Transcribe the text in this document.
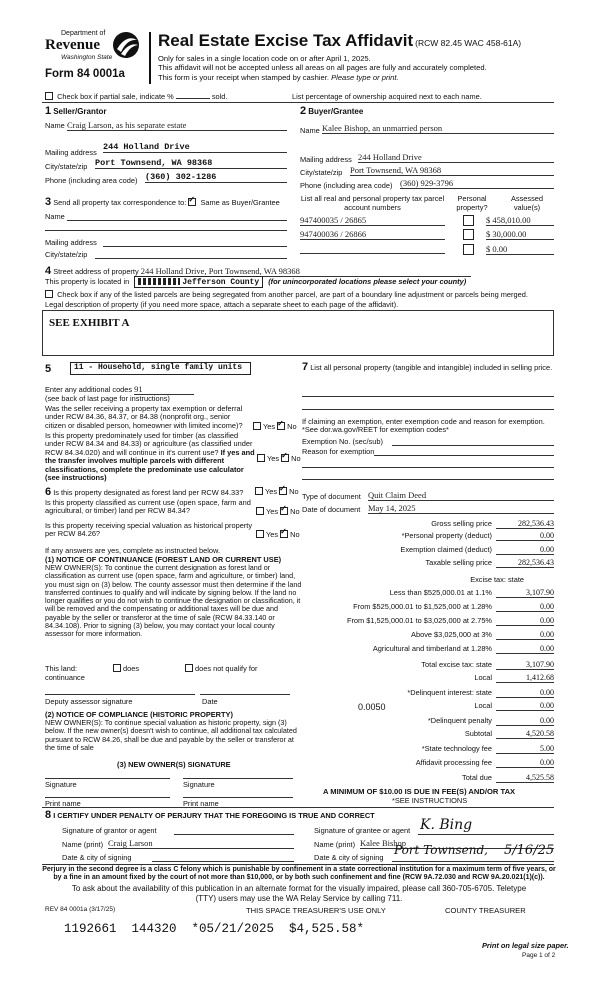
Department of
Revenue
Washington State
Form 84 0001a
Real Estate Excise Tax Affidavit (RCW 82.45 WAC 458-61A)
Only for sales in a single location code on or after April 1, 2025.
This affidavit will not be accepted unless all areas on all pages are fully and accurately completed.
This form is your receipt when stamped by cashier. Please type or print.
Check box if partial sale, indicate %	sold.	List percentage of ownership acquired next to each name.
1 Seller/Grantor
Name Craig Larson, as his separate estate
Mailing address
244 Holland Drive
City/state/zip Port Townsend, WA 98368
Phone (including area code) (360) 302-1286
2 Buyer/Grantee
Name Kalee Bishop, an unmarried person
Mailing address 244 Holland Drive
City/state/zip Port Townsend, WA 98368
Phone (including area code) (360) 929-3796
3 Send all property tax correspondence to: ✓ Same as Buyer/Grantee
Name
Mailing address
City/state/zip
List all real and personal property tax parcel account numbers
Personal property?
Assessed value(s)
947400035 / 26865	$ 458,010.00
947400036 / 26866	$ 30,000.00
$ 0.00
4 Street address of property 244 Holland Drive, Port Townsend, WA 98368
This property is located in	Jefferson County (for unincorporated locations please select your county)
Check box if any of the listed parcels are being segregated from another parcel, are part of a boundary line adjustment or parcels being merged.
Legal description of property (if you need more space, attach a separate sheet to each page of the affidavit).
SEE EXHIBIT A
5	11 - Household, single family units
Enter any additional codes 91
(see back of last page for instructions)
Was the seller receiving a property tax exemption or deferral under RCW 84.36, 84.37, or 84.38 (nonprofit org., senior citizen or disabled person, homeowner with limited income)?	Yes ✓ No
Is this property predominately used for timber (as classified under RCW 84.34 and 84.33) or agriculture (as classified under RCW 84.34.020) and will continue in it's current use? If yes and the transfer involves multiple parcels with different classifications, complete the predominate use calculator (see instructions)
Yes ✓ No
6 Is this property designated as forest land per RCW 84.33?	Yes ✓ No
Is this property classified as current use (open space, farm and agricultural, or timber) land per RCW 84.34?	Yes ✓ No
Is this property receiving special valuation as historical property per RCW 84.26?	Yes ✓ No
If any answers are yes, complete as instructed below.
(1) NOTICE OF CONTINUANCE (FOREST LAND OR CURRENT USE)
NEW OWNER(S): To continue the current designation as forest land or classification as current use (open space, farm and agriculture, or timber) land, you must sign on (3) below. The county assessor must then determine if the land transferred continues to qualify and will indicate by signing below. If the land no longer qualifies or you do not wish to continue the designation or classification, it will be removed and the compensating or additional taxes will be due and payable by the seller or transferor at the time of sale (RCW 84.33.140 or 84.34.108). Prior to signing (3) below, you may contact your local county assessor for more information.
This land:	does	does not qualify for
continuance
Deputy assessor signature	Date
(2) NOTICE OF COMPLIANCE (HISTORIC PROPERTY)
NEW OWNER(S): To continue special valuation as historic property, sign (3) below. If the new owner(s) doesn't wish to continue, all additional tax calculated pursuant to RCW 84.26, shall be due and payable by the seller or transferor at the time of sale
(3) NEW OWNER(S) SIGNATURE
Signature	Signature
Print name	Print name
7 List all personal property (tangible and intangible) included in selling price.
If claiming an exemption, enter exemption code and reason for exemption. *See dor.wa.gov/REET for exemption codes*
Exemption No. (sec/sub)
Reason for exemption
Type of document Quit Claim Deed
Date of document May 14, 2025
Gross selling price	282,536.43
*Personal property (deduct)	0.00
Exemption claimed (deduct)	0.00
Taxable selling price	282,536.43
Excise tax: state
Less than $525,000.01 at 1.1%	3,107.90
From $525,000.01 to $1,525,000 at 1.28%	0.00
From $1,525,000.01 to $3,025,000 at 2.75%	0.00
Above $3,025,000 at 3%	0.00
Agricultural and timberland at 1.28%	0.00
Total excise tax: state	3,107.90
Local	1,412.68
*Delinquent interest: state	0.00
Local	0.00
*Delinquent penalty	0.00
Subtotal	4,520.58
*State technology fee	5.00
Affidavit processing fee	0.00
Total due	4,525.58
0.0050
A MINIMUM OF $10.00 IS DUE IN FEE(S) AND/OR TAX
*SEE INSTRUCTIONS
8 I CERTIFY UNDER PENALTY OF PERJURY THAT THE FOREGOING IS TRUE AND CORRECT
Signature of grantor or agent
Name (print) Craig Larson
Date & city of signing
Signature of grantee or agent K. Bing
Name (print) Kalee Bishop
Date & city of signing
Port Townsend, 5/16/25
Perjury in the second degree is a class C felony which is punishable by confinement in a state correctional institution for a maximum term of five years, or by a fine in an amount fixed by the court of not more than $10,000, or by both such confinement and fine (RCW 9A.72.030 and RCW 9A.20.021(1)(c)).
To ask about the availability of this publication in an alternate format for the visually impaired, please call 360-705-6705. Teletype
(TTY) users may use the WA Relay Service by calling 711.
REV 84 0001a (3/17/25)	THIS SPACE TREASURER'S USE ONLY	COUNTY TREASURER
1192661  144320  *05/21/2025  $4,525.58*
Print on legal size paper.
Page 1 of 2
